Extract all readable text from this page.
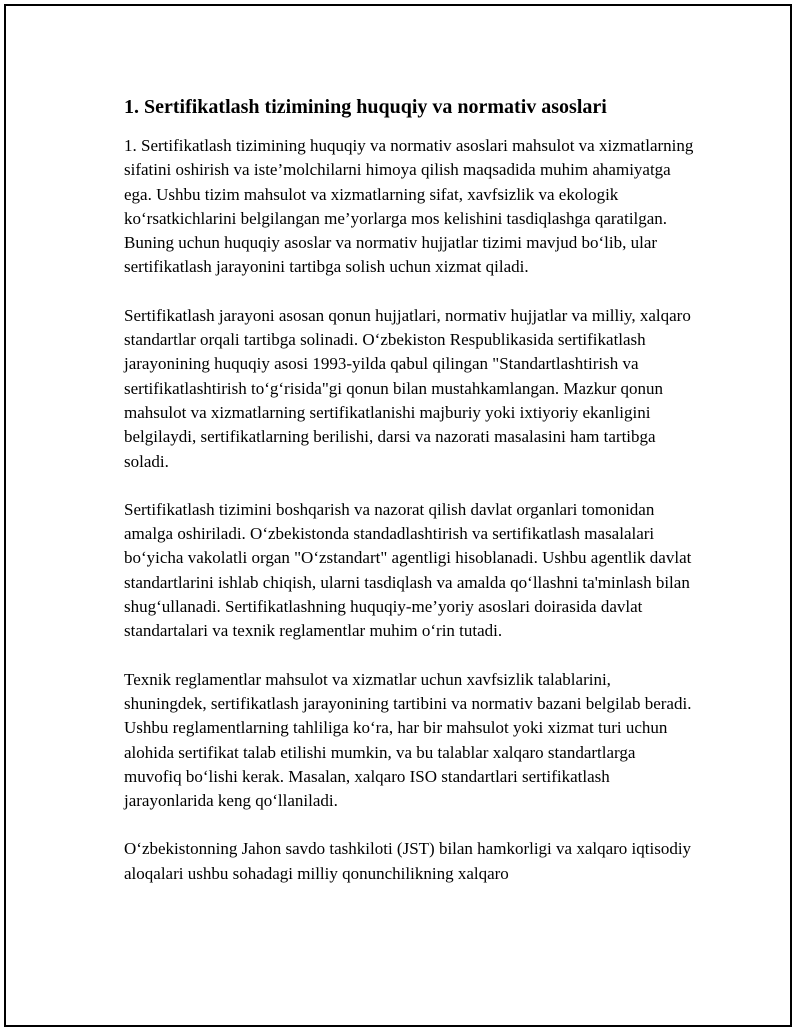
1. Sertifikatlash tizimining huquqiy va normativ asoslari

1. Sertifikatlash tizimining huquqiy va normativ asoslari mahsulot va xizmatlarning sifatini oshirish va iste’molchilarni himoya qilish maqsadida muhim ahamiyatga ega. Ushbu tizim mahsulot va xizmatlarning sifat, xavfsizlik va ekologik ko‘rsatkichlarini belgilangan me’yorlarga mos kelishini tasdiqlashga qaratilgan. Buning uchun huquqiy asoslar va normativ hujjatlar tizimi mavjud bo‘lib, ular sertifikatlash jarayonini tartibga solish uchun xizmat qiladi.

Sertifikatlash jarayoni asosan qonun hujjatlari, normativ hujjatlar va milliy, xalqaro standartlar orqali tartibga solinadi. O‘zbekiston Respublikasida sertifikatlash jarayonining huquqiy asosi 1993-yilda qabul qilingan "Standartlashtirish va sertifikatlashtirish to‘g‘risida"gi qonun bilan mustahkamlangan. Mazkur qonun mahsulot va xizmatlarning sertifikatlanishi majburiy yoki ixtiyoriy ekanligini belgilaydi, sertifikatlarning berilishi, darsi va nazorati masalasini ham tartibga soladi.

Sertifikatlash tizimini boshqarish va nazorat qilish davlat organlari tomonidan amalga oshiriladi. O‘zbekistonda standadlashtirish va sertifikatlash masalalari bo‘yicha vakolatli organ "O‘zstandart" agentligi hisoblanadi. Ushbu agentlik davlat standartlarini ishlab chiqish, ularni tasdiqlash va amalda qo‘llashni ta'minlash bilan shug‘ullanadi. Sertifikatlashning huquqiy-me’yoriy asoslari doirasida davlat standartalari va texnik reglamentlar muhim o‘rin tutadi.

Texnik reglamentlar mahsulot va xizmatlar uchun xavfsizlik talablarini, shuningdek, sertifikatlash jarayonining tartibini va normativ bazani belgilab beradi. Ushbu reglamentlarning tahliliga ko‘ra, har bir mahsulot yoki xizmat turi uchun alohida sertifikat talab etilishi mumkin, va bu talablar xalqaro standartlarga muvofiq bo‘lishi kerak. Masalan, xalqaro ISO standartlari sertifikatlash jarayonlarida keng qo‘llaniladi.

O‘zbekistonning Jahon savdo tashkiloti (JST) bilan hamkorligi va xalqaro iqtisodiy aloqalari ushbu sohadagi milliy qonunchilikning xalqaro
